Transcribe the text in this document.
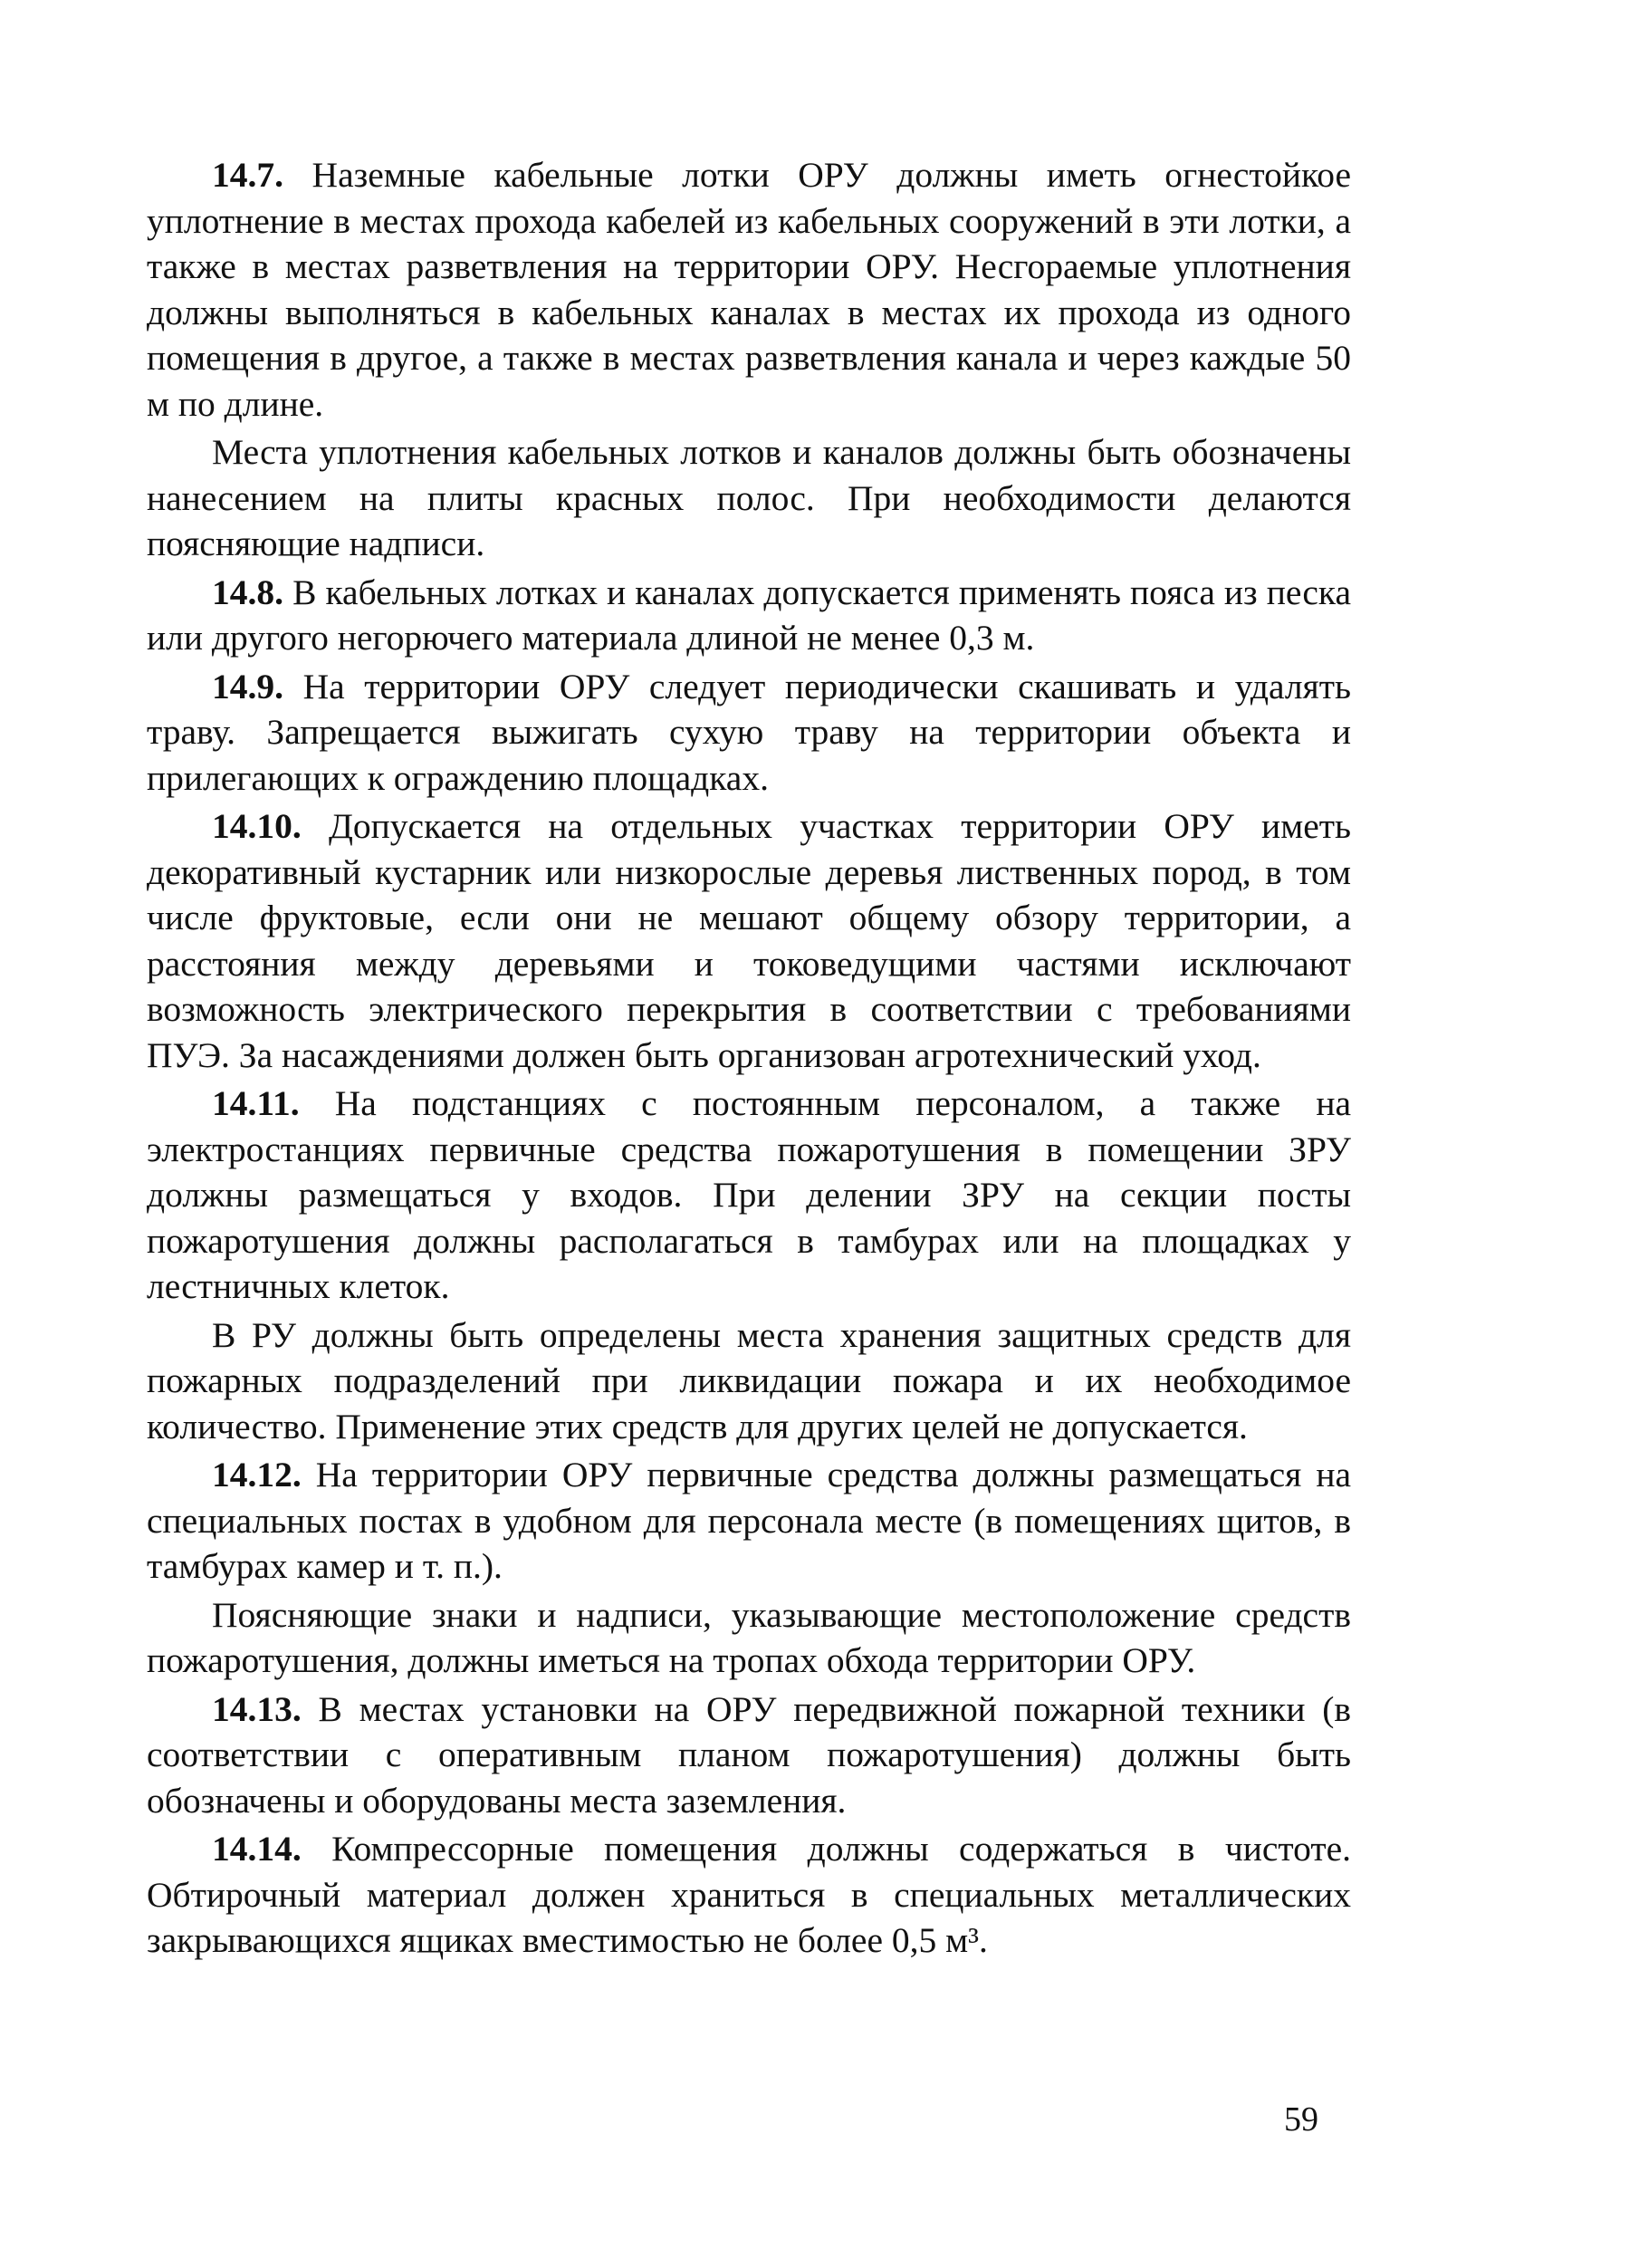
14.7. Наземные кабельные лотки ОРУ должны иметь огнестойкое уплотнение в местах прохода кабелей из кабельных сооружений в эти лотки, а также в местах разветвления на территории ОРУ. Несгораемые уплотнения должны выполняться в кабельных каналах в местах их прохода из одного помещения в другое, а также в местах разветвления канала и через каждые 50 м по длине.

Места уплотнения кабельных лотков и каналов должны быть обозначены нанесением на плиты красных полос. При необходимости делаются поясняющие надписи.

14.8. В кабельных лотках и каналах допускается применять пояса из песка или другого негорючего материала длиной не менее 0,3 м.

14.9. На территории ОРУ следует периодически скашивать и удалять траву. Запрещается выжигать сухую траву на территории объекта и прилегающих к ограждению площадках.

14.10. Допускается на отдельных участках территории ОРУ иметь декоративный кустарник или низкорослые деревья лиственных пород, в том числе фруктовые, если они не мешают общему обзору территории, а расстояния между деревьями и токоведущими частями исключают возможность электрического перекрытия в соответствии с требованиями ПУЭ. За насаждениями должен быть организован агротехнический уход.

14.11. На подстанциях с постоянным персоналом, а также на электростанциях первичные средства пожаротушения в помещении ЗРУ должны размещаться у входов. При делении ЗРУ на секции посты пожаротушения должны располагаться в тамбурах или на площадках у лестничных клеток.

В РУ должны быть определены места хранения защитных средств для пожарных подразделений при ликвидации пожара и их необходимое количество. Применение этих средств для других целей не допускается.

14.12. На территории ОРУ первичные средства должны размещаться на специальных постах в удобном для персонала месте (в помещениях щитов, в тамбурах камер и т. п.).

Поясняющие знаки и надписи, указывающие местоположение средств пожаротушения, должны иметься на тропах обхода территории ОРУ.

14.13. В местах установки на ОРУ передвижной пожарной техники (в соответствии с оперативным планом пожаротушения) должны быть обозначены и оборудованы места заземления.

14.14. Компрессорные помещения должны содержаться в чистоте. Обтирочный материал должен храниться в специальных металлических закрывающихся ящиках вместимостью не более 0,5 м³.

59
